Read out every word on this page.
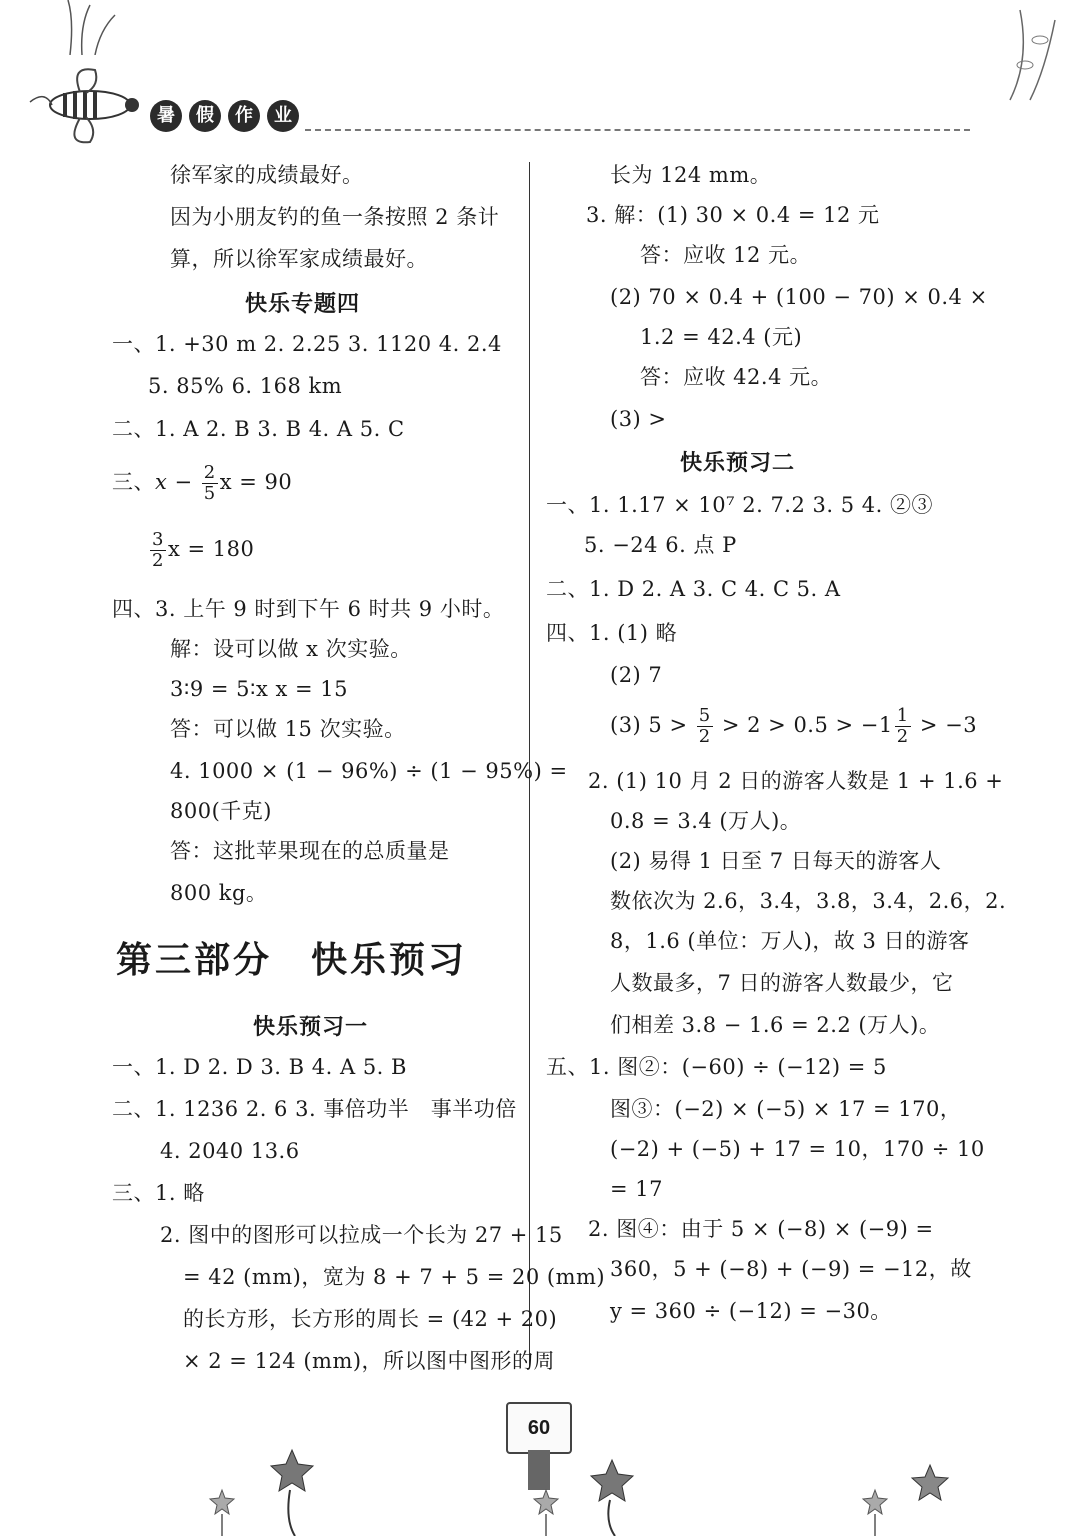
暑	假	作	业
徐军家的成绩最好。
因为小朋友钓的鱼一条按照 2 条计
算，所以徐军家成绩最好。
快乐专题四
一、1. +30 m 2. 2.25 3. 1120 4. 2.4
5. 85% 6. 168 km
二、1. A 2. B 3. B 4. A 5. C
三、$x - \frac{2}{5}$ x = 90
$\frac{3}{2}$ x = 180
四、3. 上午 9 时到下午 6 时共 9 小时。
解：设可以做 x 次实验。
3∶9 = 5∶x x = 15
答：可以做 15 次实验。
4. 1000 × (1 − 96%) ÷ (1 − 95%) =
800(千克)
答：这批苹果现在的总质量是
800 kg。
第三部分　快乐预习
快乐预习一
一、1. D 2. D 3. B 4. A 5. B
二、1. 1236 2. 6 3. 事倍功半　事半功倍
4. 2040 13.6
三、1. 略
2. 图中的图形可以拉成一个长为 27 + 15
= 42 (mm)，宽为 8 + 7 + 5 = 20 (mm)
的长方形，长方形的周长 = (42 + 20)
× 2 = 124 (mm)，所以图中图形的周
长为 124 mm。
3. 解：(1) 30 × 0.4 = 12 元
答：应收 12 元。
(2) 70 × 0.4 + (100 − 70) × 0.4 ×
1.2 = 42.4 (元)
答：应收 42.4 元。
(3) >
快乐预习二
一、1. 1.17 × 10⁷ 2. 7.2 3. 5 4. ②③
5. −24 6. 点 P
二、1. D 2. A 3. C 4. C 5. A
四、1. (1) 略
(2) 7
(3) $5 > \frac{5}{2} > 2 > 0.5 > -1 \frac{1}{2} > -3$
2. (1) 10 月 2 日的游客人数是 1 + 1.6 +
0.8 = 3.4 (万人)。
(2) 易得 1 日至 7 日每天的游客人
数依次为 2.6，3.4，3.8，3.4，2.6，2.
8，1.6 (单位：万人)，故 3 日的游客
人数最多，7 日的游客人数最少，它
们相差 3.8 − 1.6 = 2.2 (万人)。
五、1. 图②：(−60) ÷ (−12) = 5
图③：(−2) × (−5) × 17 = 170，
(−2) + (−5) + 17 = 10，170 ÷ 10
= 17
2. 图④：由于 5 × (−8) × (−9) =
360，5 + (−8) + (−9) = −12，故
y = 360 ÷ (−12) = −30。
60
